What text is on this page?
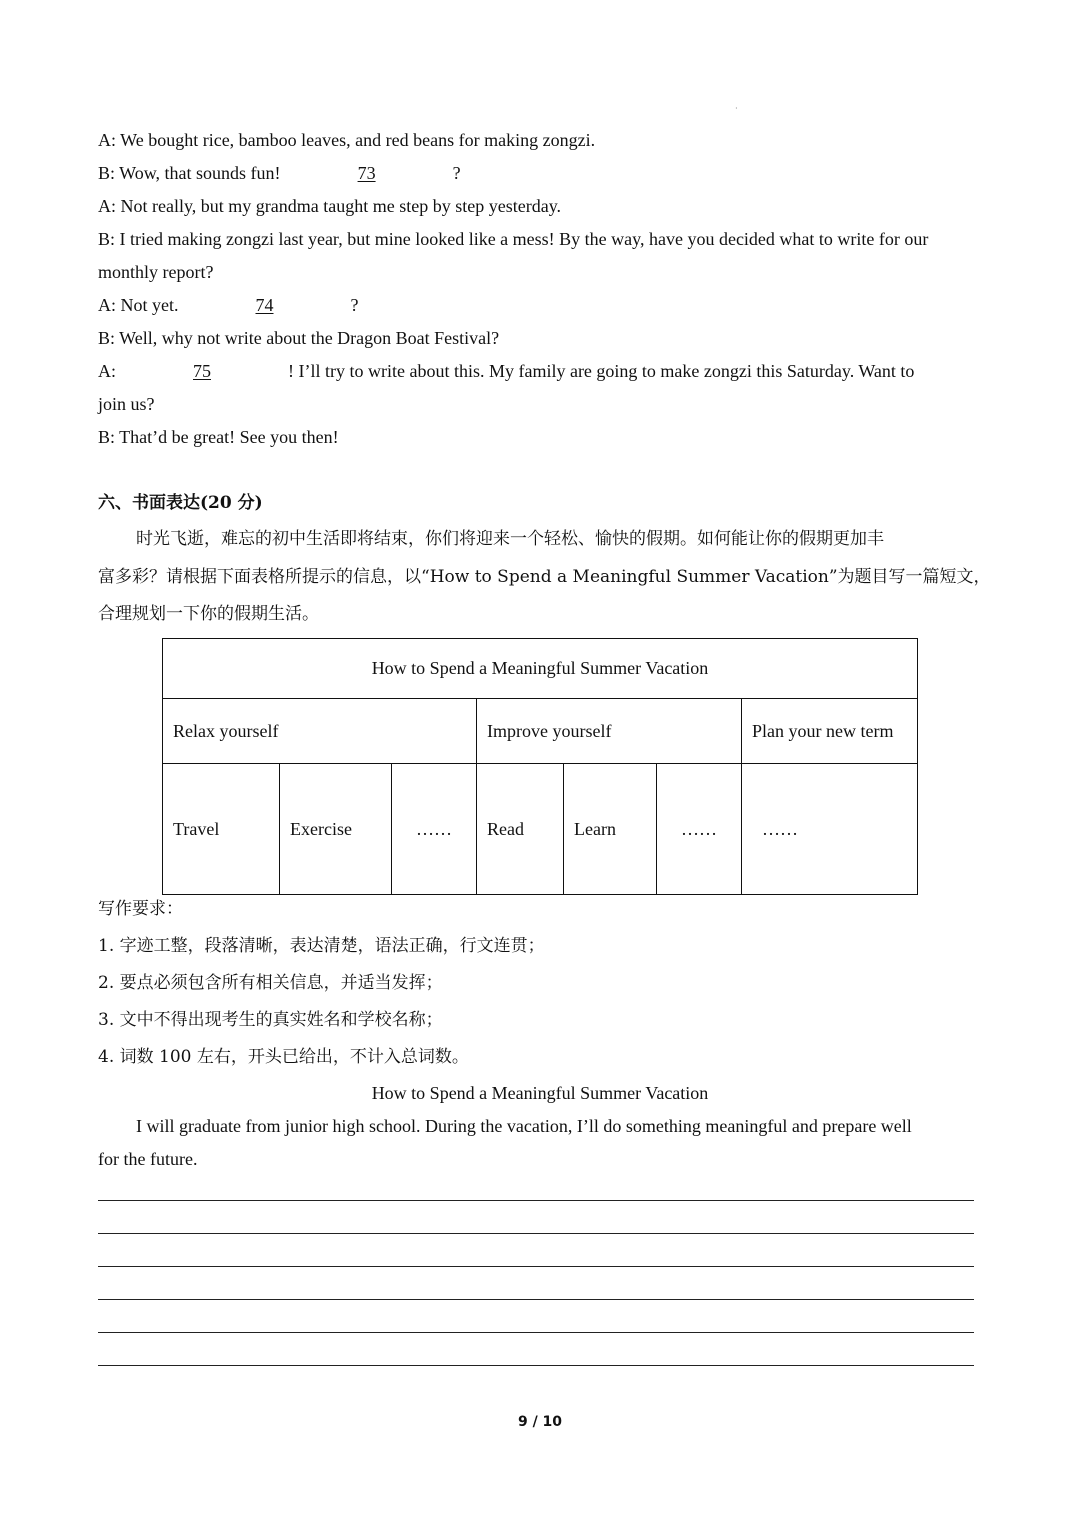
·
A: We bought rice, bamboo leaves, and red beans for making zongzi.
B: Wow, that sounds fun!	73	?
A: Not really, but my grandma taught me step by step yesterday.
B: I tried making zongzi last year, but mine looked like a mess! By the way, have you decided what to write for our
monthly report?
A: Not yet.	74	?
B: Well, why not write about the Dragon Boat Festival?
A:	75	! I’ll try to write about this. My family are going to make zongzi this Saturday. Want to
join us?
B: That’d be great! See you then!
六、书面表达(20 分)
时光飞逝，难忘的初中生活即将结束，你们将迎来一个轻松、愉快的假期。如何能让你的假期更加丰
富多彩？请根据下面表格所提示的信息，以“How to Spend a Meaningful Summer Vacation”为题目写一篇短文，
合理规划一下你的假期生活。
How to Spend a Meaningful Summer Vacation						
Relax yourself			Improve yourself			Plan your new term
Travel	Exercise	……	Read	Learn	……	……
写作要求：
1. 字迹工整，段落清晰，表达清楚，语法正确，行文连贯；
2. 要点必须包含所有相关信息，并适当发挥；
3. 文中不得出现考生的真实姓名和学校名称；
4. 词数 100 左右，开头已给出，不计入总词数。
How to Spend a Meaningful Summer Vacation
I will graduate from junior high school. During the vacation, I’ll do something meaningful and prepare well
for the future.
9 / 10
